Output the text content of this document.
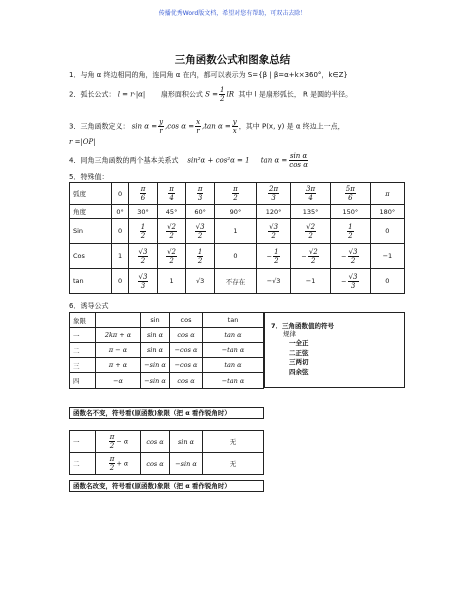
传播优秀Word版文档，希望对您有帮助，可双击去除！
三角函数公式和图象总结
1．与角 α 终边相同的角，连同角 α 在内，都可以表示为 S={β | β=α+k×360°，k∈Z}
2．弧长公式： l = r·|α| 扇形面积公式 $S = \frac{1}{2}$ lR 其中 l 是扇形弧长， R 是圆的半径。
3．三角函数定义： $\sin \alpha = \frac{y}{r} ,\cos$ $\alpha = \frac{x}{r} ,\tan$ $\alpha = \frac{y}{x}$ ，其中 P(x, y) 是 α 终边上一点，
r =|OP|
4．同角三角函数的两个基本关系式 sin²α + cos²α = 1 $\tan \alpha = \frac{\text{sin α}}{\text{cos α}}$
5．特殊值：
弧度	0	$\frac{\pi}{6}$	$\frac{\pi}{4}$	$\frac{\pi}{3}$	$\frac{\pi}{2}$	$\frac{2\pi}{3}$	$\frac{3\pi}{4}$	$\frac{5\pi}{6}$	π
角度	0°	30°	45°	60°	90°	120°	135°	150°	180°
Sin	0	$\frac{1}{2}$	$\frac{√2}{2}$	$\frac{√3}{2}$	1	$\frac{√3}{2}$	$\frac{√2}{2}$	$\frac{1}{2}$	0
Cos	1	$\frac{√3}{2}$	$\frac{√2}{2}$	$\frac{1}{2}$	0	− $\frac{1}{2}$	− $\frac{√2}{2}$	− $\frac{√3}{2}$	−1
tan	0	$\frac{√3}{3}$	1	√3	不存在	−√3	−1	− $\frac{√3}{3}$	0
6．诱导公式
象限		sin	cos	tan
一	2kπ + α	sin α	cos α	tan α
二	π − α	sin α	−cos α	−tan α
三	π + α	−sin α	−cos α	tan α
四	−α	−sin α	cos α	−tan α
7．三角函数值的符号
规律
一全正
二正弦
三两切
四余弦
函数名不变，符号看(原函数)象限（把 α 看作锐角时）
一	$\frac{\pi}{2} - \alpha$	cos α	sin α	无
二	$\frac{\pi}{2} + \alpha$	cos α	−sin α	无
函数名改变，符号看(原函数)象限（把 α 看作锐角时）
